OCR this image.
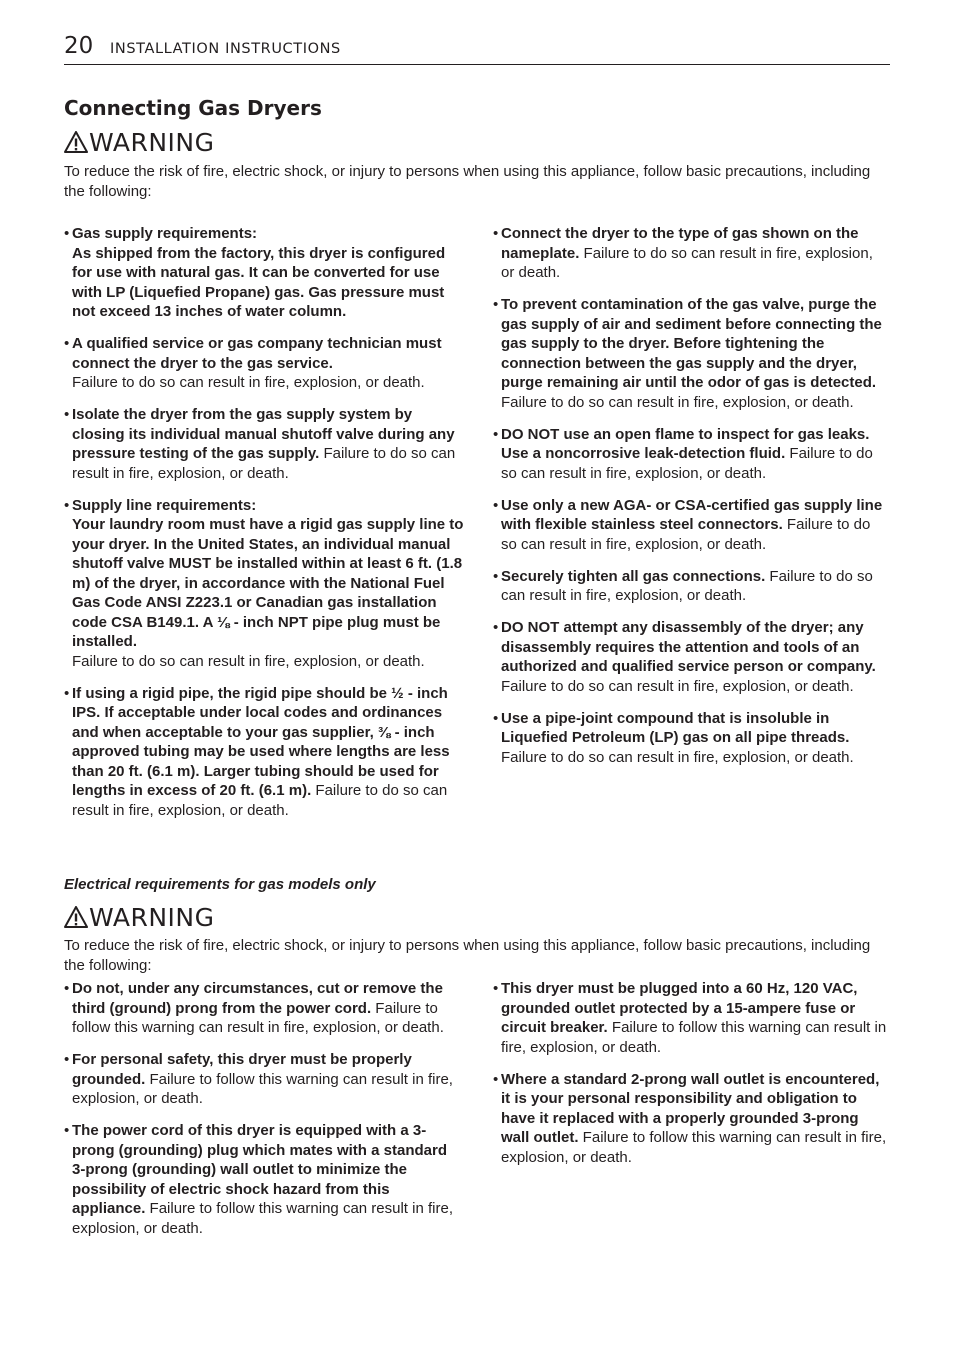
20 INSTALLATION INSTRUCTIONS
Connecting Gas Dryers
WARNING

To reduce the risk of fire, electric shock, or injury to persons when using this appliance, follow basic precautions, including the following:

• Gas supply requirements:
As shipped from the factory, this dryer is configured for use with natural gas. It can be converted for use with LP (Liquefied Propane) gas. Gas pressure must not exceed 13 inches of water column.
• A qualified service or gas company technician must connect the dryer to the gas service.
Failure to do so can result in fire, explosion, or death.
• Isolate the dryer from the gas supply system by closing its individual manual shutoff valve during any pressure testing of the gas supply. Failure to do so can result in fire, explosion, or death.
• Supply line requirements:
Your laundry room must have a rigid gas supply line to your dryer. In the United States, an individual manual shutoff valve MUST be installed within at least 6 ft. (1.8 m) of the dryer, in accordance with the National Fuel Gas Code ANSI Z223.1 or Canadian gas installation code CSA B149.1. A ⅛ - inch NPT pipe plug must be installed.
Failure to do so can result in fire, explosion, or death.
• If using a rigid pipe, the rigid pipe should be ½ - inch IPS. If acceptable under local codes and ordinances and when acceptable to your gas supplier, ⅜ - inch approved tubing may be used where lengths are less than 20 ft. (6.1 m). Larger tubing should be used for lengths in excess of 20 ft. (6.1 m). Failure to do so can result in fire, explosion, or death.
• Connect the dryer to the type of gas shown on the nameplate. Failure to do so can result in fire, explosion, or death.
• To prevent contamination of the gas valve, purge the gas supply of air and sediment before connecting the gas supply to the dryer. Before tightening the connection between the gas supply and the dryer, purge remaining air until the odor of gas is detected. Failure to do so can result in fire, explosion, or death.
• DO NOT use an open flame to inspect for gas leaks. Use a noncorrosive leak-detection fluid. Failure to do so can result in fire, explosion, or death.
• Use only a new AGA- or CSA-certified gas supply line with flexible stainless steel connectors. Failure to do so can result in fire, explosion, or death.
• Securely tighten all gas connections. Failure to do so can result in fire, explosion, or death.
• DO NOT attempt any disassembly of the dryer; any disassembly requires the attention and tools of an authorized and qualified service person or company. Failure to do so can result in fire, explosion, or death.
• Use a pipe-joint compound that is insoluble in Liquefied Petroleum (LP) gas on all pipe threads.
Failure to do so can result in fire, explosion, or death.

Electrical requirements for gas models only

WARNING

To reduce the risk of fire, electric shock, or injury to persons when using this appliance, follow basic precautions, including the following:

• Do not, under any circumstances, cut or remove the third (ground) prong from the power cord. Failure to follow this warning can result in fire, explosion, or death.
• For personal safety, this dryer must be properly grounded. Failure to follow this warning can result in fire, explosion, or death.
• The power cord of this dryer is equipped with a 3-prong (grounding) plug which mates with a standard 3-prong (grounding) wall outlet to minimize the possibility of electric shock hazard from this appliance. Failure to follow this warning can result in fire, explosion, or death.
• This dryer must be plugged into a 60 Hz, 120 VAC, grounded outlet protected by a 15-ampere fuse or circuit breaker. Failure to follow this warning can result in fire, explosion, or death.
• Where a standard 2-prong wall outlet is encountered, it is your personal responsibility and obligation to have it replaced with a properly grounded 3-prong wall outlet. Failure to follow this warning can result in fire, explosion, or death.
